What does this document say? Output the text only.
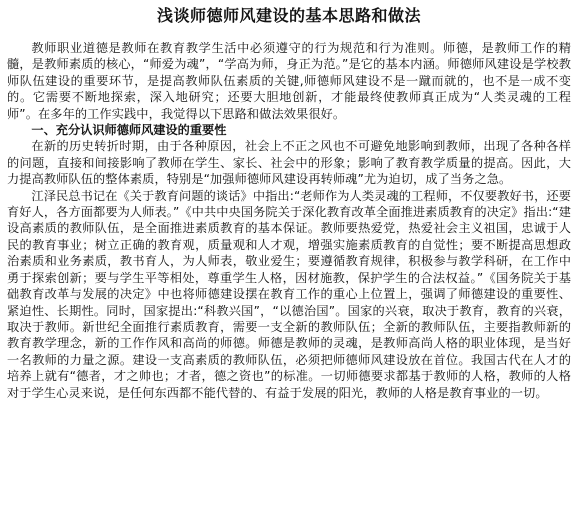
浅谈师德师风建设的基本思路和做法

教师职业道德是教师在教育教学生活中必须遵守的行为规范和行为准则。师德，是教师工作的精髓，是教师素质的核心，“师爱为魂”，“学高为师，身正为范。”是它的基本内涵。师德师风建设是学校教师队伍建设的重要环节，是提高教师队伍素质的关键,师德师风建设不是一蹴而就的，也不是一成不变的。它需要不断地探索，深入地研究；还要大胆地创新，才能最终使教师真正成为“人类灵魂的工程师”。在多年的工作实践中，我觉得以下思路和做法效果很好。

一、充分认识师德师风建设的重要性

在新的历史转折时期，由于各种原因，社会上不正之风也不可避免地影响到教师，出现了各种各样的问题，直接和间接影响了教师在学生、家长、社会中的形象；影响了教育教学质量的提高。因此，大力提高教师队伍的整体素质，特别是“加强师德师风建设再转师魂”尤为迫切，成了当务之急。

江泽民总书记在《关于教育问题的谈话》中指出:“老师作为人类灵魂的工程师，不仅要教好书，还要育好人，各方面都要为人师表。”《中共中央国务院关于深化教育改革全面推进素质教育的决定》指出:“建设高素质的教师队伍，是全面推进素质教育的基本保证。教师要热爱党，热爱社会主义祖国，忠诚于人民的教育事业；树立正确的教育观，质量观和人才观，增强实施素质教育的自觉性；要不断提高思想政治素质和业务素质，教书育人，为人师表，敬业爱生；要遵循教育规律，积极参与教学科研，在工作中勇于探索创新；要与学生平等相处，尊重学生人格，因材施教，保护学生的合法权益。”《国务院关于基础教育改革与发展的决定》中也将师德建设摆在教育工作的重心上位置上，强调了师德建设的重要性、紧迫性、长期性。同时，国家提出:“科教兴国”，“以德治国”。国家的兴衰，取决于教育，教育的兴衰，取决于教师。新世纪全面推行素质教育，需要一支全新的教师队伍；全新的教师队伍，主要指教师新的教育教学理念，新的工作作风和高尚的师德。师德是教师的灵魂，是教师高尚人格的职业体现，是当好一名教师的力量之源。建设一支高素质的教师队伍，必须把师德师风建设放在首位。我国古代在人才的培养上就有“德者，才之帅也；才者，德之资也”的标准。一切师德要求都基于教师的人格，教师的人格对于学生心灵来说，是任何东西都不能代替的、有益于发展的阳光，教师的人格是教育事业的一切。
